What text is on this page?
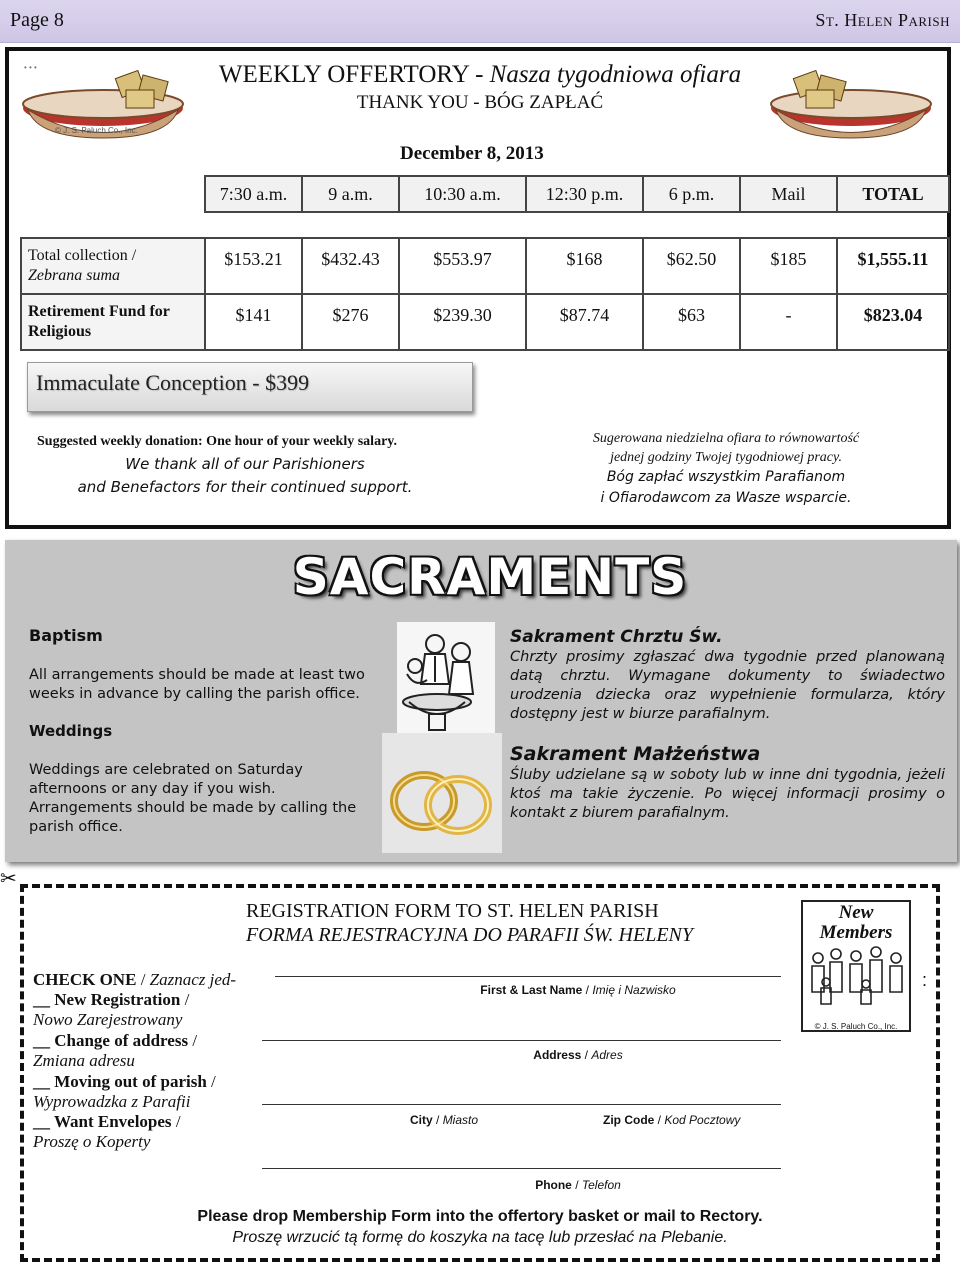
Page 8	St. Helen Parish
• • •
© J. S. Paluch Co., Inc.
WEEKLY OFFERTORY - Nasza tygodniowa ofiara
THANK YOU - BÓG ZAPŁAĆ
December 8, 2013
	7:30 a.m.	9 a.m.	10:30 a.m.	12:30 p.m.	6 p.m.	Mail	TOTAL

Total collection /
Zebrana suma	$153.21	$432.43	$553.97	$168	$62.50	$185	$1,555.11
Retirement Fund for Religious	$141	$276	$239.30	$87.74	$63	-	$823.04
Immaculate Conception - $399
Suggested weekly donation: One hour of your weekly salary.
We thank all of our Parishioners
and Benefactors for their continued support.
Sugerowana niedzielna ofiara to równowartość
jednej godziny Twojej tygodniowej pracy.
Bóg zapłać wszystkim Parafianom
i Ofiarodawcom za Wasze wsparcie.
SACRAMENTS
Baptism
All arrangements should be made at least two weeks in advance by calling the parish office.
Weddings
Weddings are celebrated on Saturday afternoons or any day if you wish. Arrangements should be made by calling the parish office.
Sakrament Chrztu Św.
Chrzty prosimy zgłaszać dwa tygodnie przed planowaną datą chrztu. Wymagane dokumenty to świadectwo urodzenia dziecka oraz wypełnienie formularza, który dostępny jest w biurze parafialnym.
Sakrament Małżeństwa
Śluby udzielane są w soboty lub w inne dni tygodnia, jeżeli ktoś ma takie życzenie. Po więcej informacji prosimy o kontakt z biurem parafialnym.
✂
REGISTRATION FORM TO ST. HELEN PARISH
FORMA REJESTRACYJNA DO PARAFII ŚW. HELENY
New Members
© J. S. Paluch Co., Inc.
:
CHECK ONE / Zaznacz jed-
__ New Registration /
Nowo Zarejestrowany
__ Change of address /
Zmiana adresu
__ Moving out of parish /
Wyprowadzka z Parafii
__ Want Envelopes /
Proszę o Koperty
First & Last Name / Imię i Nazwisko
Address / Adres
City / Miasto	Zip Code / Kod Pocztowy
Phone / Telefon
Please drop Membership Form into the offertory basket or mail to Rectory.
Proszę wrzucić tą formę do koszyka na tacę lub przesłać na Plebanie.
